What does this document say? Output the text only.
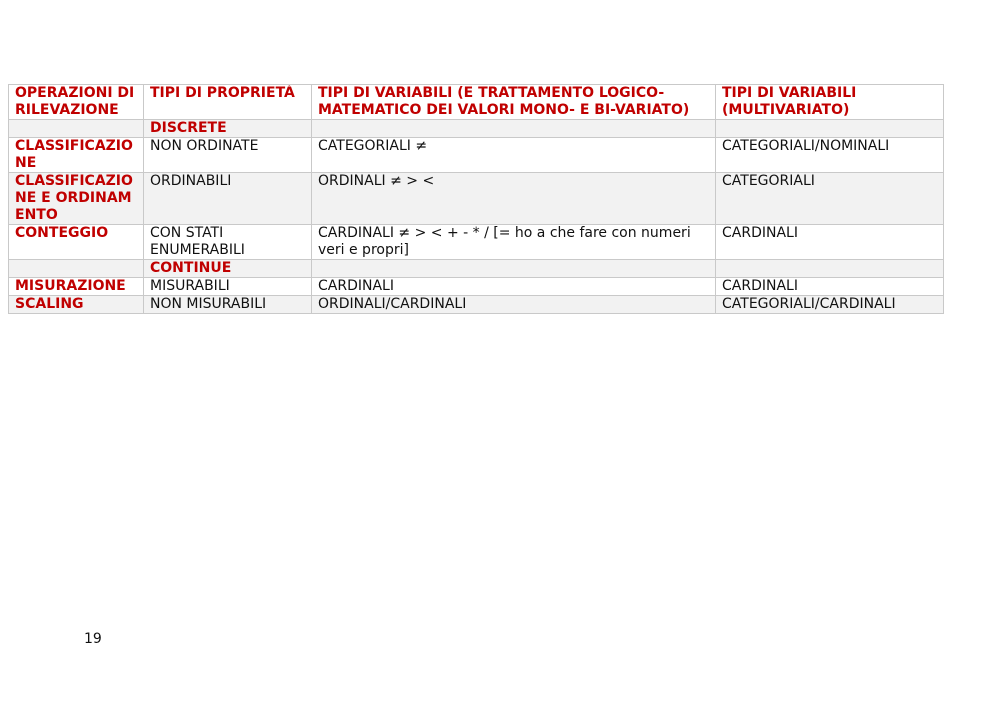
OPERAZIONI DI RILEVAZIONE	TIPI DI PROPRIETÀ	TIPI DI VARIABILI (E TRATTAMENTO LOGICO-MATEMATICO DEI VALORI MONO- E BI-VARIATO)	TIPI DI VARIABILI (MULTIVARIATO)
	DISCRETE		
CLASSIFICAZIONE	NON ORDINATE	CATEGORIALI ≠	CATEGORIALI/NOMINALI
CLASSIFICAZIONE E ORDINAMENTO	ORDINABILI	ORDINALI ≠ > <	CATEGORIALI
CONTEGGIO	CON STATI ENUMERABILI	CARDINALI ≠ > < + - * / [= ho a che fare con numeri veri e propri]	CARDINALI
	CONTINUE		
MISURAZIONE	MISURABILI	CARDINALI	CARDINALI
SCALING	NON MISURABILI	ORDINALI/CARDINALI	CATEGORIALI/CARDINALI
19
